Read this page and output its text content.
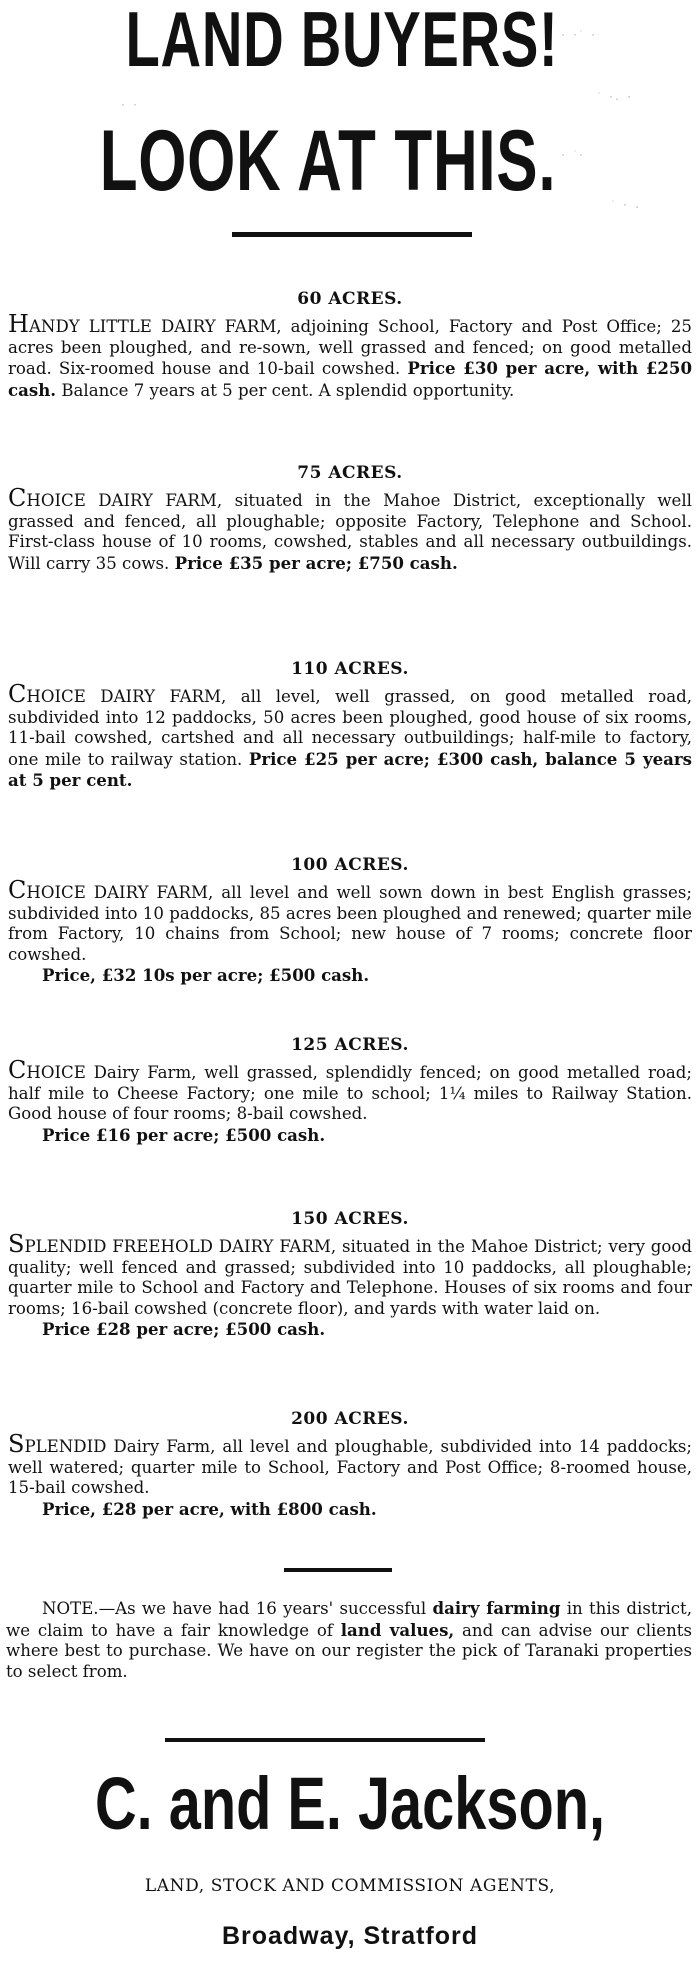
LAND BUYERS!
LOOK AT THIS.
60 ACRES.
HANDY LITTLE DAIRY FARM, adjoining School, Factory and Post Office; 25 acres been ploughed, and re-sown, well grassed and fenced; on good metalled road. Six-roomed house and 10-bail cowshed. Price £30 per acre, with £250 cash. Balance 7 years at 5 per cent. A splendid opportunity.
75 ACRES.
CHOICE DAIRY FARM, situated in the Mahoe District, exceptionally well grassed and fenced, all ploughable; opposite Factory, Telephone and School. First-class house of 10 rooms, cowshed, stables and all necessary outbuildings. Will carry 35 cows. Price £35 per acre; £750 cash.
110 ACRES.
CHOICE DAIRY FARM, all level, well grassed, on good metalled road, subdivided into 12 paddocks, 50 acres been ploughed, good house of six rooms, 11-bail cowshed, cartshed and all necessary outbuildings; half-mile to factory, one mile to railway station. Price £25 per acre; £300 cash, balance 5 years at 5 per cent.
100 ACRES.
CHOICE DAIRY FARM, all level and well sown down in best English grasses; subdivided into 10 paddocks, 85 acres been ploughed and renewed; quarter mile from Factory, 10 chains from School; new house of 7 rooms; concrete floor cowshed.
Price, £32 10s per acre; £500 cash.
125 ACRES.
CHOICE Dairy Farm, well grassed, splendidly fenced; on good metalled road; half mile to Cheese Factory; one mile to school; 1¼ miles to Railway Station. Good house of four rooms; 8-bail cowshed.
Price £16 per acre; £500 cash.
150 ACRES.
SPLENDID FREEHOLD DAIRY FARM, situated in the Mahoe District; very good quality; well fenced and grassed; subdivided into 10 paddocks, all ploughable; quarter mile to School and Factory and Telephone. Houses of six rooms and four rooms; 16-bail cowshed (concrete floor), and yards with water laid on.
Price £28 per acre; £500 cash.
200 ACRES.
SPLENDID Dairy Farm, all level and ploughable, subdivided into 14 paddocks; well watered; quarter mile to School, Factory and Post Office; 8-roomed house, 15-bail cowshed.
Price, £28 per acre, with £800 cash.
NOTE.—As we have had 16 years' successful dairy farming in this district, we claim to have a fair knowledge of land values, and can advise our clients where best to purchase. We have on our register the pick of Taranaki properties to select from.
C. and E. Jackson,
LAND, STOCK AND COMMISSION AGENTS,
Broadway, Stratford
· ·˙ ·
˙ ·. ·
· ˙·
˙ · .
· ·
